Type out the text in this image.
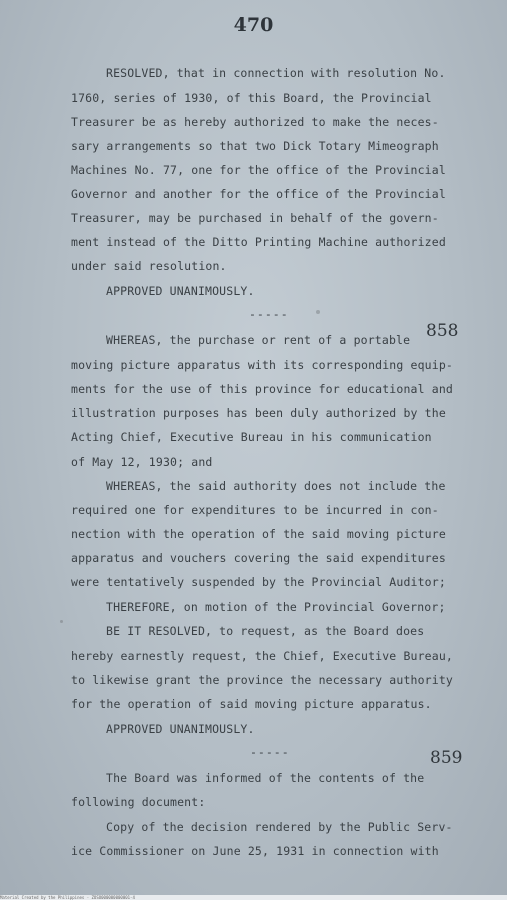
470
RESOLVED, that in connection with resolution No.
1760, series of 1930, of this Board, the Provincial
Treasurer be as hereby authorized to make the neces-
sary arrangements so that two Dick Totary Mimeograph
Machines No. 77, one for the office of the Provincial
Governor and another for the office of the Provincial
Treasurer, may be purchased in behalf of the govern-
ment instead of the Ditto Printing Machine authorized
under said resolution.
APPROVED UNANIMOUSLY.
WHEREAS, the purchase or rent of a portable
moving picture apparatus with its corresponding equip-
ments for the use of this province for educational and
illustration purposes has been duly authorized by the
Acting Chief, Executive Bureau in his communication
of May 12, 1930; and
WHEREAS, the said authority does not include the
required one for expenditures to be incurred in con-
nection with the operation of the said moving picture
apparatus and vouchers covering the said expenditures
were tentatively suspended by the Provincial Auditor;
THEREFORE, on motion of the Provincial Governor;
BE IT RESOLVED, to request, as the Board does
hereby earnestly request, the Chief, Executive Bureau,
to likewise grant the province the necessary authority
for the operation of said moving picture apparatus.
APPROVED UNANIMOUSLY.
The Board was informed of the contents of the
following document:
Copy of the decision rendered by the Public Serv-
ice Commissioner on June 25, 1931 in connection with
-----
-----
858
859
Material Created by the Philippines · ZOSO000000000001-4
